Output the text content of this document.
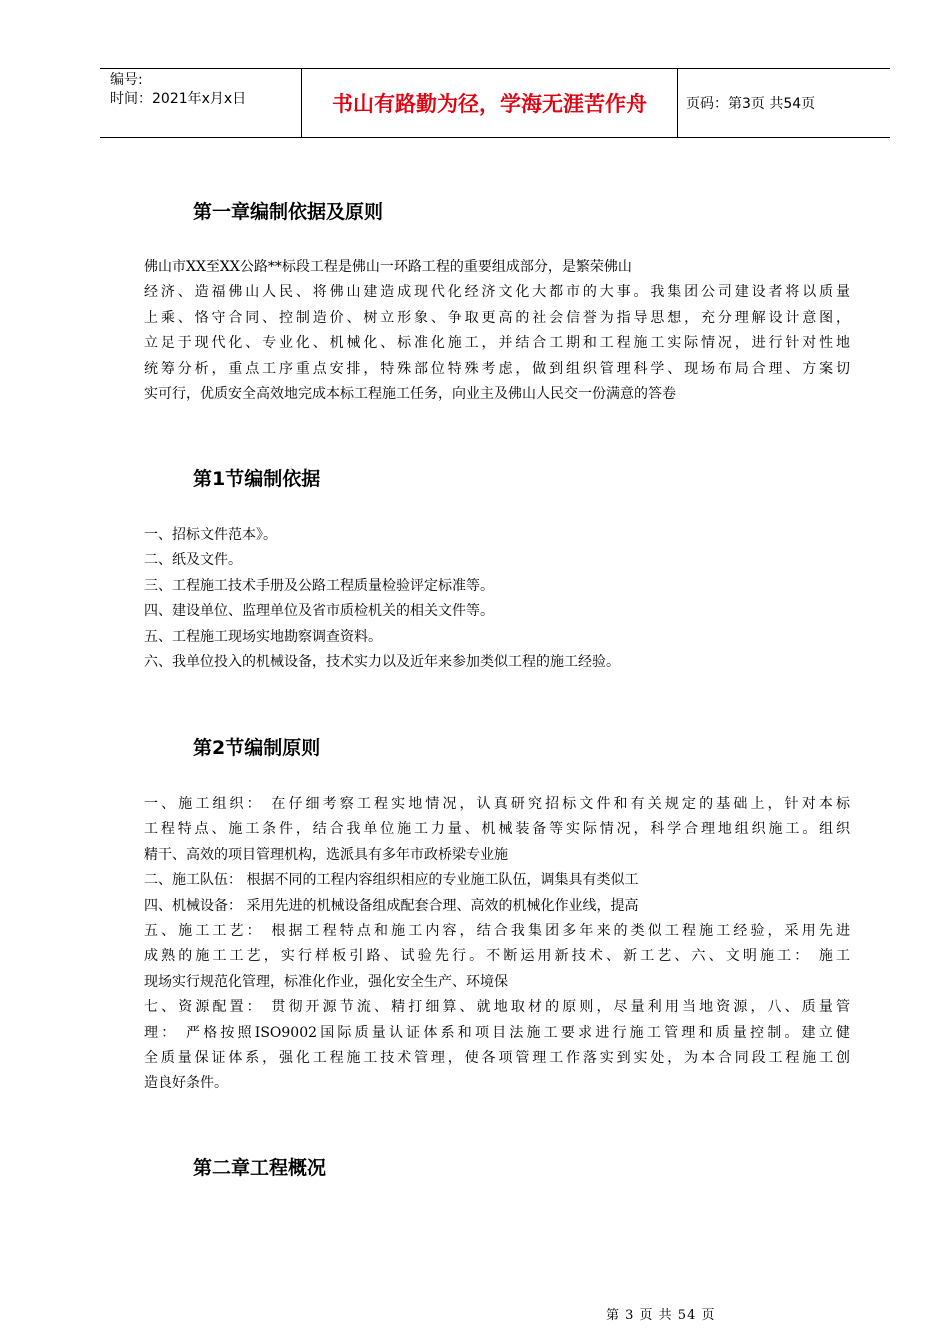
编号:
时间：2021年x月x日	书山有路勤为径，学海无涯苦作舟	页码：第3页 共54页
第一章编制依据及原则
佛山市XX至XX公路**标段工程是佛山一环路工程的重要组成部分，是繁荣佛山
经济、造福佛山人民、将佛山建造成现代化经济文化大都市的大事。我集团公司建设者将以质量
上乘、恪守合同、控制造价、树立形象、争取更高的社会信誉为指导思想，充分理解设计意图，
立足于现代化、专业化、机械化、标准化施工，并结合工期和工程施工实际情况，进行针对性地
统筹分析，重点工序重点安排，特殊部位特殊考虑，做到组织管理科学、现场布局合理、方案切
实可行，优质安全高效地完成本标工程施工任务，向业主及佛山人民交一份满意的答卷
第1节编制依据
一、招标文件范本》。
二、纸及文件。
三、工程施工技术手册及公路工程质量检验评定标准等。
四、建设单位、监理单位及省市质检机关的相关文件等。
五、工程施工现场实地勘察调查资料。
六、我单位投入的机械设备，技术实力以及近年来参加类似工程的施工经验。
第2节编制原则
一、施工组织： 在仔细考察工程实地情况，认真研究招标文件和有关规定的基础上，针对本标
工程特点、施工条件，结合我单位施工力量、机械装备等实际情况，科学合理地组织施工。组织
精干、高效的项目管理机构，选派具有多年市政桥梁专业施
二、施工队伍： 根据不同的工程内容组织相应的专业施工队伍，调集具有类似工
四、机械设备： 采用先进的机械设备组成配套合理、高效的机械化作业线，提高
五、施工工艺： 根据工程特点和施工内容，结合我集团多年来的类似工程施工经验，采用先进
成熟的施工工艺，实行样板引路、试验先行。不断运用新技术、新工艺、六、文明施工： 施工
现场实行规范化管理，标准化作业，强化安全生产、环境保
七、资源配置： 贯彻开源节流、精打细算、就地取材的原则，尽量利用当地资源，八、质量管
理： 严格按照ISO9002国际质量认证体系和项目法施工要求进行施工管理和质量控制。建立健
全质量保证体系，强化工程施工技术管理，使各项管理工作落实到实处，为本合同段工程施工创
造良好条件。
第二章工程概况
第 3 页 共 54 页
